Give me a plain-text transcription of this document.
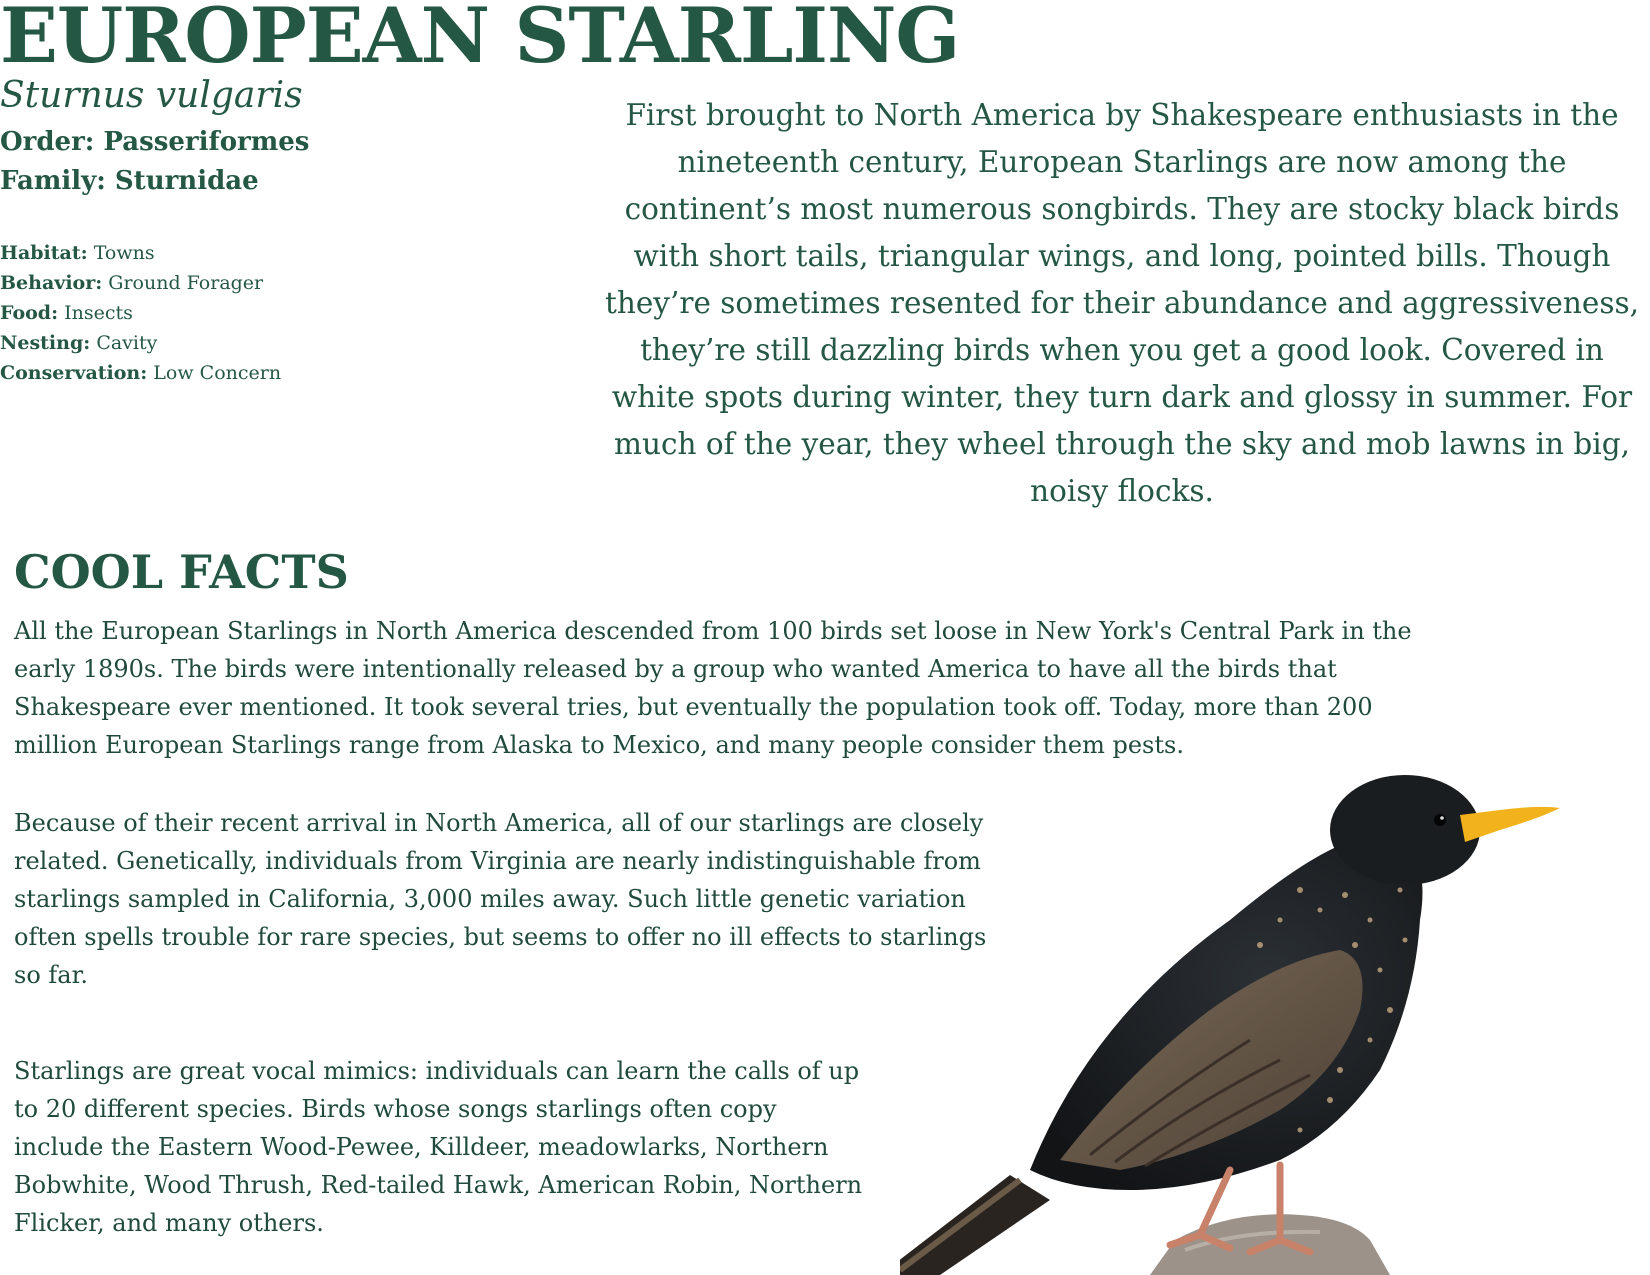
EUROPEAN STARLING

Sturnus vulgaris

Order: Passeriformes

Family: Sturnidae

Habitat: Towns
Behavior: Ground Forager
Food: Insects
Nesting: Cavity
Conservation: Low Concern

First brought to North America by Shakespeare enthusiasts in the nineteenth century, European Starlings are now among the continent’s most numerous songbirds. They are stocky black birds with short tails, triangular wings, and long, pointed bills. Though they’re sometimes resented for their abundance and aggressiveness, they’re still dazzling birds when you get a good look. Covered in white spots during winter, they turn dark and glossy in summer. For much of the year, they wheel through the sky and mob lawns in big, noisy flocks.

COOL FACTS

All the European Starlings in North America descended from 100 birds set loose in New York's Central Park in the early 1890s. The birds were intentionally released by a group who wanted America to have all the birds that Shakespeare ever mentioned. It took several tries, but eventually the population took off. Today, more than 200 million European Starlings range from Alaska to Mexico, and many people consider them pests.

Because of their recent arrival in North America, all of our starlings are closely related. Genetically, individuals from Virginia are nearly indistinguishable from starlings sampled in California, 3,000 miles away. Such little genetic variation often spells trouble for rare species, but seems to offer no ill effects to starlings so far.

Starlings are great vocal mimics: individuals can learn the calls of up to 20 different species. Birds whose songs starlings often copy include the Eastern Wood-Pewee, Killdeer, meadowlarks, Northern Bobwhite, Wood Thrush, Red-tailed Hawk, American Robin, Northern Flicker, and many others.
